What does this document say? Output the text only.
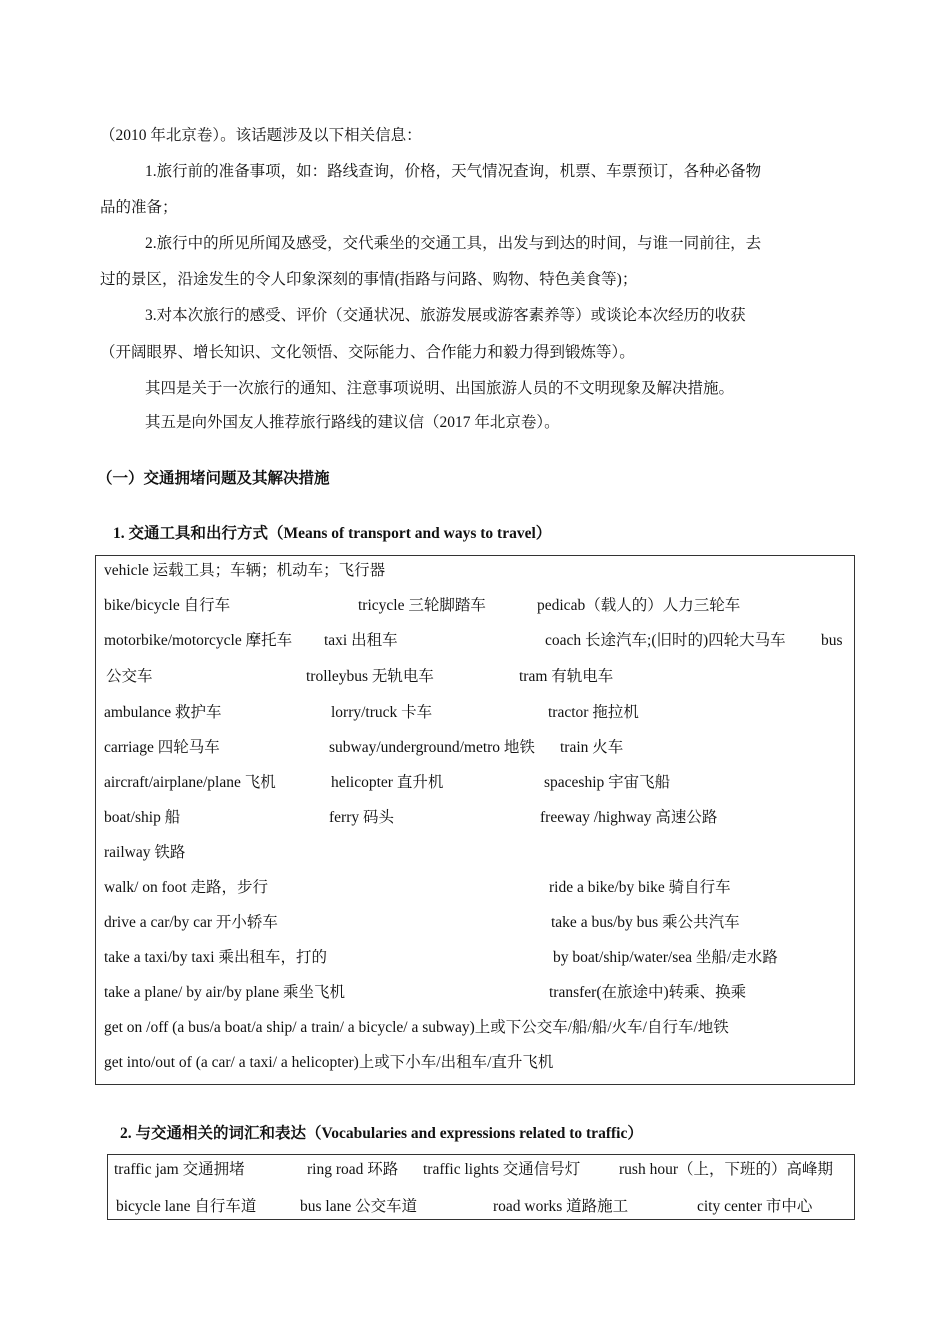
（2010 年北京卷）。该话题涉及以下相关信息：
1.旅行前的准备事项，如：路线查询，价格，天气情况查询，机票、车票预订，各种必备物
品的准备；
2.旅行中的所见所闻及感受，交代乘坐的交通工具，出发与到达的时间，与谁一同前往，去
过的景区，沿途发生的令人印象深刻的事情(指路与问路、购物、特色美食等)；
3.对本次旅行的感受、评价（交通状况、旅游发展或游客素养等）或谈论本次经历的收获
（开阔眼界、增长知识、文化领悟、交际能力、合作能力和毅力得到锻炼等）。
其四是关于一次旅行的通知、注意事项说明、出国旅游人员的不文明现象及解决措施。
其五是向外国友人推荐旅行路线的建议信（2017 年北京卷）。
（一）交通拥堵问题及其解决措施
1. 交通工具和出行方式（Means of transport and ways to travel）
vehicle 运载工具；车辆；机动车；飞行器
bike/bicycle 自行车	tricycle 三轮脚踏车	pedicab（载人的）人力三轮车
motorbike/motorcycle 摩托车 taxi 出租车	coach 长途汽车;(旧时的)四轮大马车 bus
公交车	trolleybus 无轨电车	tram 有轨电车
ambulance 救护车	lorry/truck 卡车	tractor 拖拉机
carriage 四轮马车	subway/underground/metro 地铁 train 火车
aircraft/airplane/plane 飞机	helicopter 直升机	spaceship 宇宙飞船
boat/ship 船	ferry 码头	freeway /highway 高速公路
railway 铁路
walk/ on foot 走路，步行	ride a bike/by bike 骑自行车
drive a car/by car 开小轿车	take a bus/by bus 乘公共汽车
take a taxi/by taxi 乘出租车，打的	by boat/ship/water/sea 坐船/走水路
take a plane/ by air/by plane 乘坐飞机	transfer(在旅途中)转乘、换乘
get on /off (a bus/a boat/a ship/ a train/ a bicycle/ a subway)上或下公交车/船/船/火车/自行车/地铁
get into/out of (a car/ a taxi/ a helicopter)上或下小车/出租车/直升飞机
2. 与交通相关的词汇和表达（Vocabularies and expressions related to traffic）
traffic jam 交通拥堵	ring road 环路 traffic lights 交通信号灯 rush hour（上，下班的）高峰期
bicycle lane 自行车道	bus lane 公交车道	road works 道路施工	city center 市中心
